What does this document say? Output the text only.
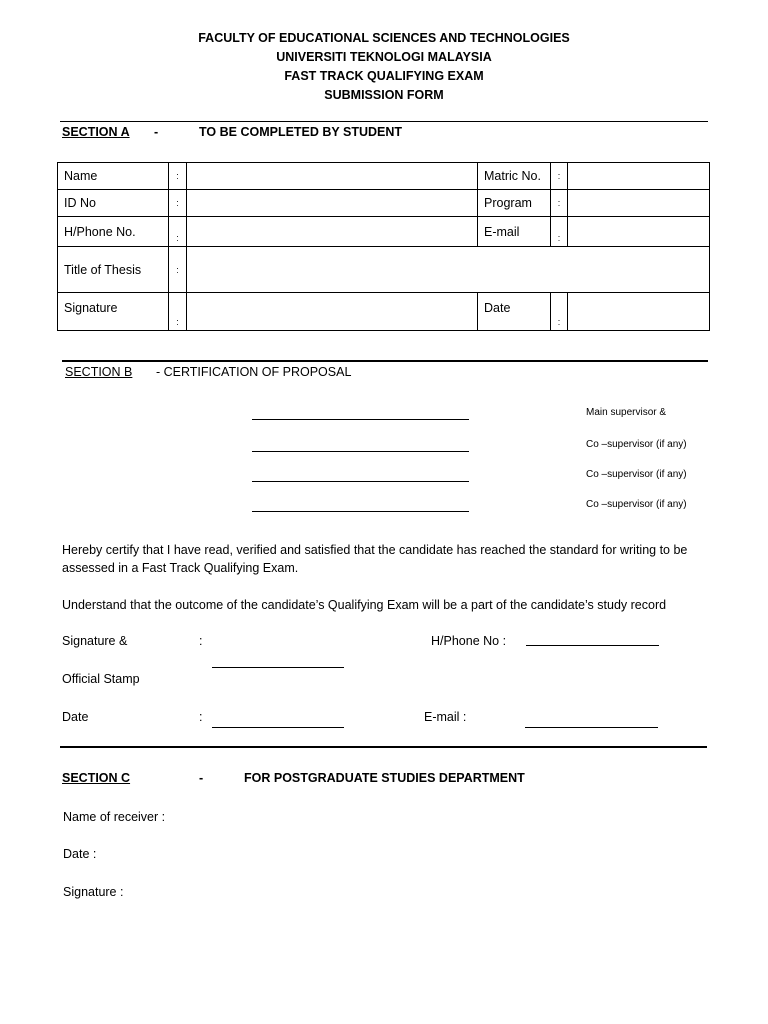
FACULTY OF EDUCATIONAL SCIENCES AND TECHNOLOGIES
UNIVERSITI TEKNOLOGI MALAYSIA
FAST TRACK QUALIFYING EXAM
SUBMISSION FORM
SECTION A -	TO BE COMPLETED BY STUDENT
Name	:		Matric No.	:	
ID No	:		Program	:	
H/Phone No.	:		E-mail	:	
Title of Thesis	:				
Signature	:		Date	:	
SECTION B - CERTIFICATION OF PROPOSAL
Main supervisor &
Co –supervisor (if any)
Co –supervisor (if any)
Co –supervisor (if any)
Hereby certify that I have read, verified and satisfied that the candidate has reached the standard for writing to be assessed in a Fast Track Qualifying Exam.
Understand that the outcome of the candidate’s Qualifying Exam will be a part of the candidate’s study record
Signature &	:	H/Phone No :
Official Stamp
Date	:	E-mail :
SECTION C	-	FOR POSTGRADUATE STUDIES DEPARTMENT
Name of receiver :
Date :
Signature :
